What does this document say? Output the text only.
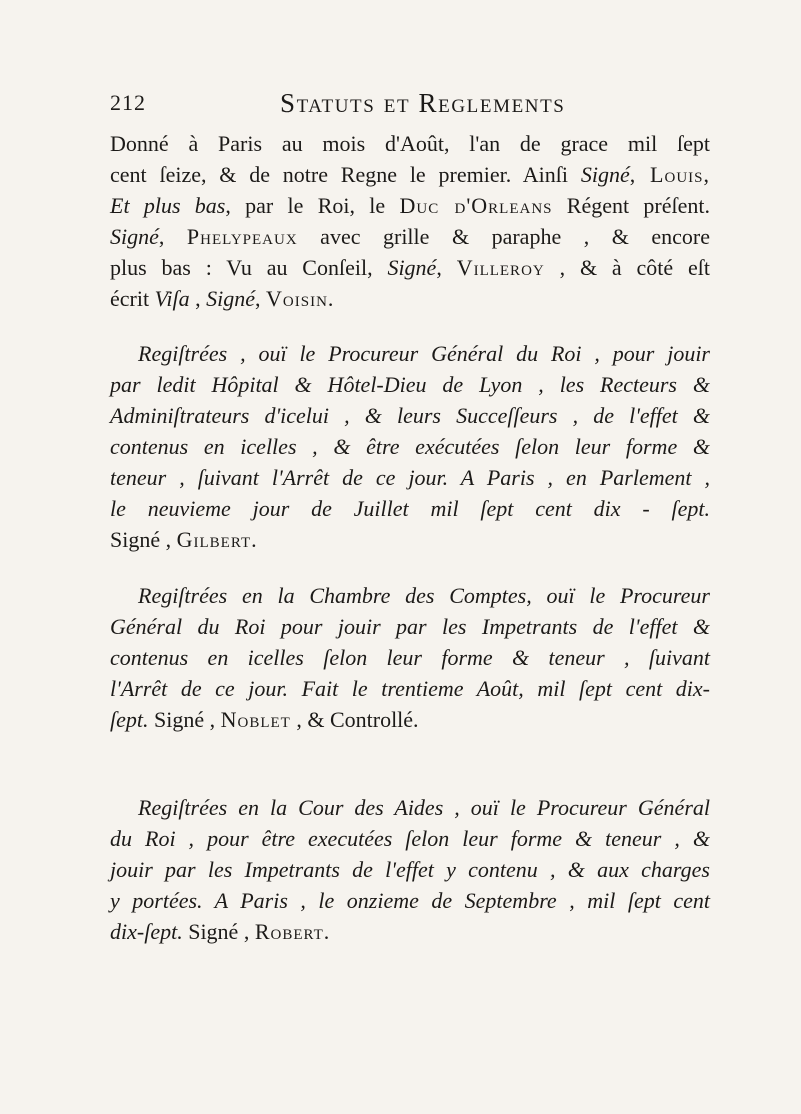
212	Statuts et Reglements

Donné à Paris au mois d'Août, l'an de grace mil ſept
cent ſeize, & de notre Regne le premier. Ainſi Signé, Louis,
Et plus bas, par le Roi, le Duc d'Orleans Régent préſent.
Signé, Phelypeaux avec grille & paraphe , & encore
plus bas : Vu au Conſeil, Signé, Villeroy , & à côté eſt
écrit Viſa , Signé, Voisin.

Regiſtrées , ouï le Procureur Général du Roi , pour jouir
par ledit Hôpital & Hôtel-Dieu de Lyon , les Recteurs &
Adminiſtrateurs d'icelui , & leurs Succeſſeurs , de l'effet &
contenus en icelles , & être exécutées ſelon leur forme &
teneur , ſuivant l'Arrêt de ce jour. A Paris , en Parlement ,
le neuvieme jour de Juillet mil ſept cent dix - ſept.
Signé , Gilbert.

Regiſtrées en la Chambre des Comptes, ouï le Procureur
Général du Roi pour jouir par les Impetrants de l'effet &
contenus en icelles ſelon leur forme & teneur , ſuivant
l'Arrêt de ce jour. Fait le trentieme Août, mil ſept cent dix-
ſept. Signé , Noblet , & Controllé.

Regiſtrées en la Cour des Aides , ouï le Procureur Général
du Roi , pour être executées ſelon leur forme & teneur , &
jouir par les Impetrants de l'effet y contenu , & aux charges
y portées. A Paris , le onzieme de Septembre , mil ſept cent
dix-ſept. Signé , Robert.
